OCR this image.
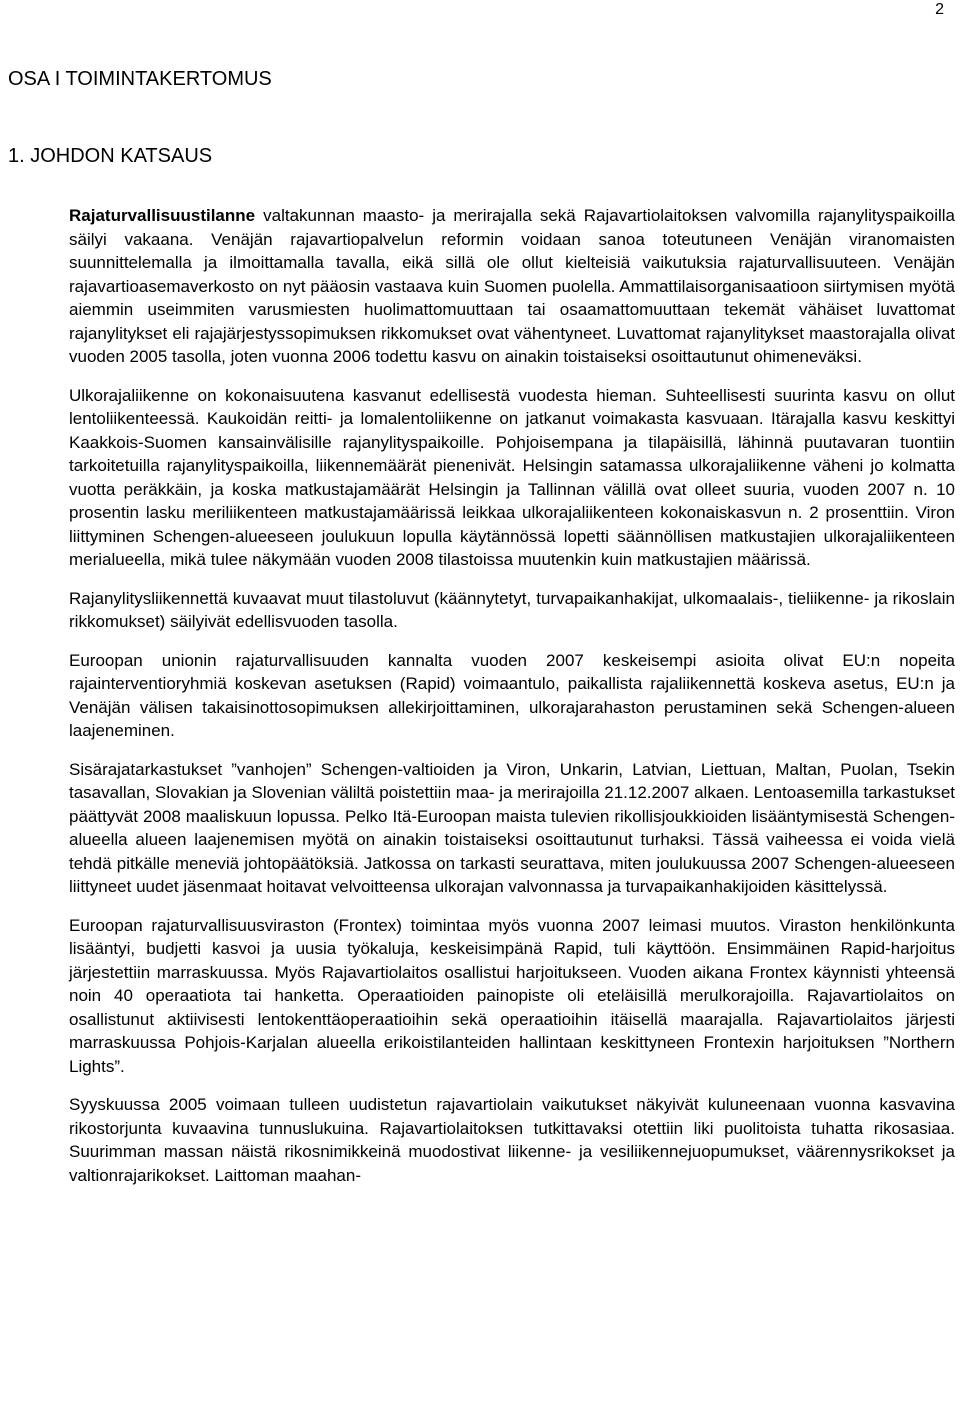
2
OSA I TOIMINTAKERTOMUS
1. JOHDON KATSAUS

Rajaturvallisuustilanne valtakunnan maasto- ja merirajalla sekä Rajavartiolaitoksen valvomilla rajanylityspaikoilla säilyi vakaana. Venäjän rajavartiopalvelun reformin voidaan sanoa toteutuneen Venäjän viranomaisten suunnittelemalla ja ilmoittamalla tavalla, eikä sillä ole ollut kielteisiä vaikutuksia rajaturvallisuuteen. Venäjän rajavartioasemaverkosto on nyt pääosin vastaava kuin Suomen puolella. Ammattilaisorganisaatioon siirtymisen myötä aiemmin useimmiten varusmiesten huolimattomuuttaan tai osaamattomuuttaan tekemät vähäiset luvattomat rajanylitykset eli rajajärjestyssopimuksen rikkomukset ovat vähentyneet. Luvattomat rajanylitykset maastorajalla olivat vuoden 2005 tasolla, joten vuonna 2006 todettu kasvu on ainakin toistaiseksi osoittautunut ohimeneväksi.

Ulkorajaliikenne on kokonaisuutena kasvanut edellisestä vuodesta hieman. Suhteellisesti suurinta kasvu on ollut lentoliikenteessä. Kaukoidän reitti- ja lomalentoliikenne on jatkanut voimakasta kasvuaan. Itärajalla kasvu keskittyi Kaakkois-Suomen kansainvälisille rajanylityspaikoille. Pohjoisempana ja tilapäisillä, lähinnä puutavaran tuontiin tarkoitetuilla rajanylityspaikoilla, liikennemäärät pienenivät. Helsingin satamassa ulkorajaliikenne väheni jo kolmatta vuotta peräkkäin, ja koska matkustajamäärät Helsingin ja Tallinnan välillä ovat olleet suuria, vuoden 2007 n. 10 prosentin lasku meriliikenteen matkustajamäärissä leikkaa ulkorajaliikenteen kokonaiskasvun n. 2 prosenttiin. Viron liittyminen Schengen-alueeseen joulukuun lopulla käytännössä lopetti säännöllisen matkustajien ulkorajaliikenteen merialueella, mikä tulee näkymään vuoden 2008 tilastoissa muutenkin kuin matkustajien määrissä.

Rajanylitysliikennettä kuvaavat muut tilastoluvut (käännytetyt, turvapaikanhakijat, ulkomaalais-, tieliikenne- ja rikoslain rikkomukset) säilyivät edellisvuoden tasolla.

Euroopan unionin rajaturvallisuuden kannalta vuoden 2007 keskeisempi asioita olivat EU:n nopeita rajainterventioryhmiä koskevan asetuksen (Rapid) voimaantulo, paikallista rajaliikennettä koskeva asetus, EU:n ja Venäjän välisen takaisinottosopimuksen allekirjoittaminen, ulkorajarahaston perustaminen sekä Schengen-alueen laajeneminen.

Sisärajatarkastukset ”vanhojen” Schengen-valtioiden ja Viron, Unkarin, Latvian, Liettuan, Maltan, Puolan, Tsekin tasavallan, Slovakian ja Slovenian väliltä poistettiin maa- ja merirajoilla 21.12.2007 alkaen. Lentoasemilla tarkastukset päättyvät 2008 maaliskuun lopussa. Pelko Itä-Euroopan maista tulevien rikollisjoukkioiden lisääntymisestä Schengen-alueella alueen laajenemisen myötä on ainakin toistaiseksi osoittautunut turhaksi. Tässä vaiheessa ei voida vielä tehdä pitkälle meneviä johtopäätöksiä. Jatkossa on tarkasti seurattava, miten joulukuussa 2007 Schengen-alueeseen liittyneet uudet jäsenmaat hoitavat velvoitteensa ulkorajan valvonnassa ja turvapaikanhakijoiden käsittelyssä.

Euroopan rajaturvallisuusviraston (Frontex) toimintaa myös vuonna 2007 leimasi muutos. Viraston henkilönkunta lisääntyi, budjetti kasvoi ja uusia työkaluja, keskeisimpänä Rapid, tuli käyttöön. Ensimmäinen Rapid-harjoitus järjestettiin marraskuussa. Myös Rajavartiolaitos osallistui harjoitukseen. Vuoden aikana Frontex käynnisti yhteensä noin 40 operaatiota tai hanketta. Operaatioiden painopiste oli eteläisillä merulkorajoilla. Rajavartiolaitos on osallistunut aktiivisesti lentokenttäoperaatioihin sekä operaatioihin itäisellä maarajalla. Rajavartiolaitos järjesti marraskuussa Pohjois-Karjalan alueella erikoistilanteiden hallintaan keskittyneen Frontexin harjoituksen ”Northern Lights”.

Syyskuussa 2005 voimaan tulleen uudistetun rajavartiolain vaikutukset näkyivät kuluneenaan vuonna kasvavina rikostorjunta kuvaavina tunnuslukuina. Rajavartiolaitoksen tutkittavaksi otettiin liki puolitoista tuhatta rikosasiaa. Suurimman massan näistä rikosnimikkeinä muodostivat liikenne- ja vesiliikennejuopumukset, väärennysrikokset ja valtionrajarikokset. Laittoman maahan-
